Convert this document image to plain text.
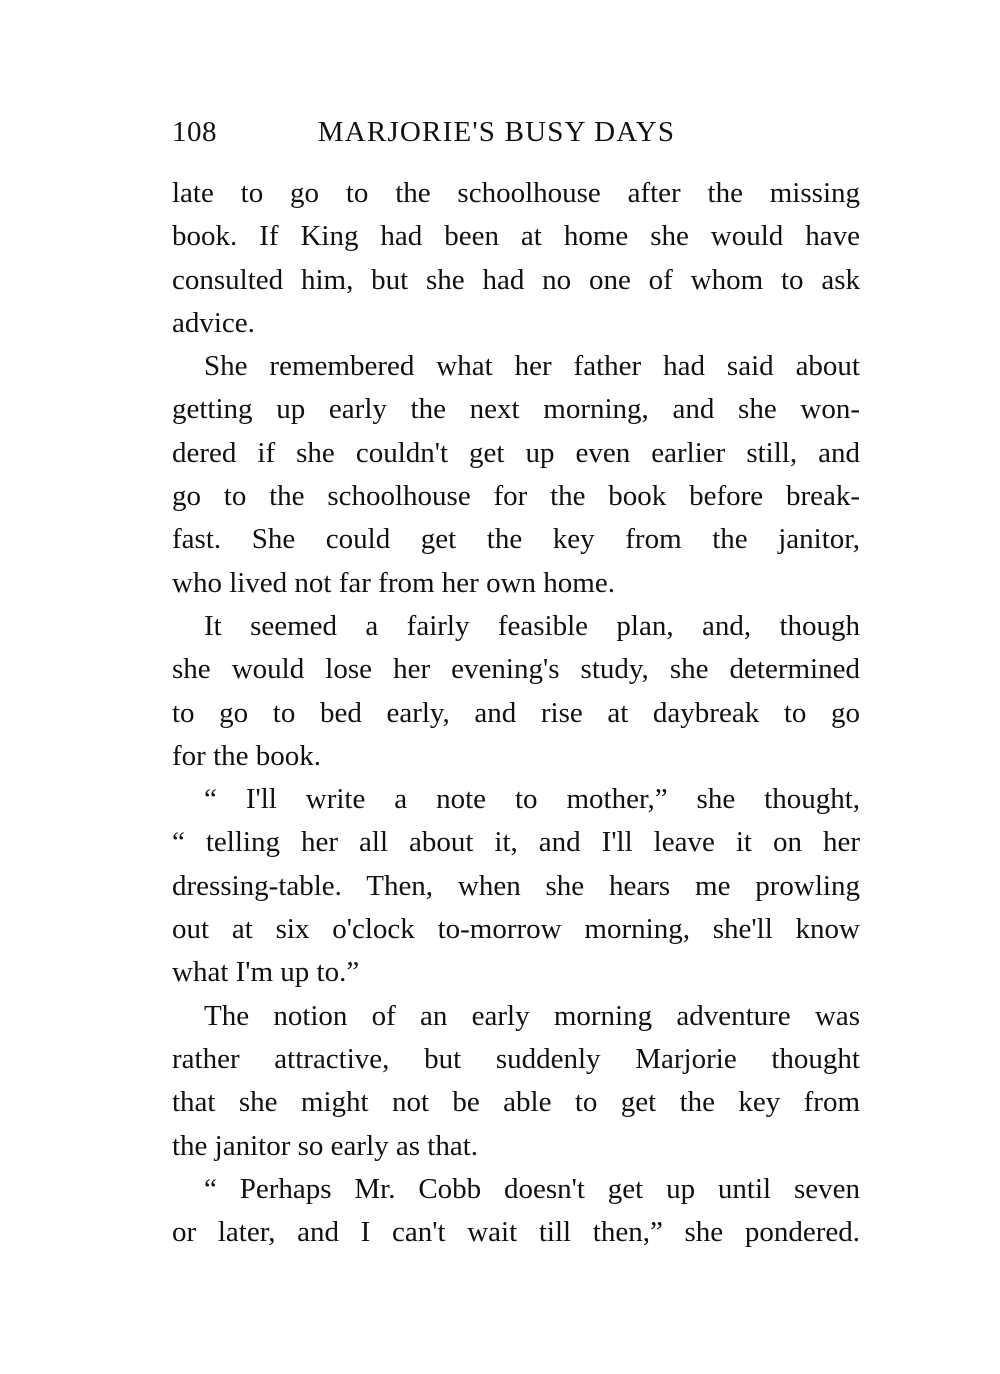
108	MARJORIE'S BUSY DAYS
late to go to the schoolhouse after the missing
book. If King had been at home she would have
consulted him, but she had no one of whom to ask
advice.
She remembered what her father had said about
getting up early the next morning, and she won-
dered if she couldn't get up even earlier still, and
go to the schoolhouse for the book before break-
fast. She could get the key from the janitor,
who lived not far from her own home.
It seemed a fairly feasible plan, and, though
she would lose her evening's study, she determined
to go to bed early, and rise at daybreak to go
for the book.
“ I'll write a note to mother,” she thought,
“ telling her all about it, and I'll leave it on her
dressing-table. Then, when she hears me prowling
out at six o'clock to-morrow morning, she'll know
what I'm up to.”
The notion of an early morning adventure was
rather attractive, but suddenly Marjorie thought
that she might not be able to get the key from
the janitor so early as that.
“ Perhaps Mr. Cobb doesn't get up until seven
or later, and I can't wait till then,” she pondered.
